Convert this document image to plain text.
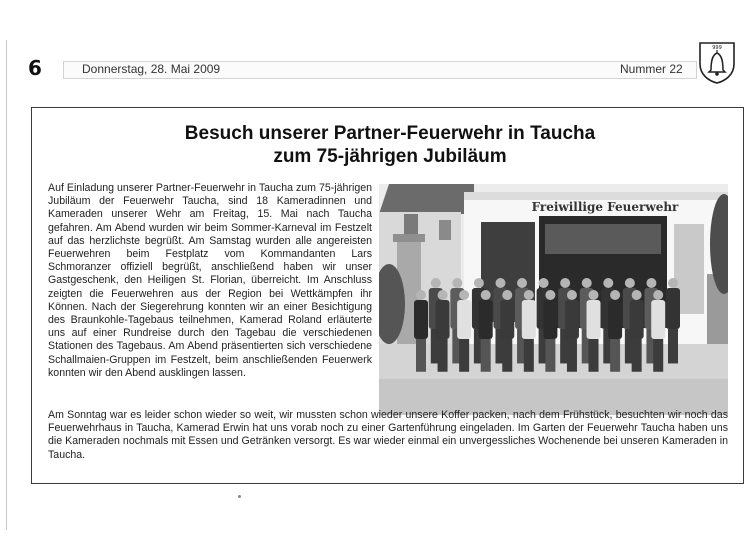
6	Donnerstag, 28. Mai 2009	Nummer 22
999
Besuch unserer Partner-Feuerwehr in Taucha
zum 75-jährigen Jubiläum
Auf Einladung unserer Partner-Feuerwehr in Taucha zum 75-jährigen Jubiläum der Feuerwehr Taucha, sind 18 Kameradinnen und Kameraden unserer Wehr am Freitag, 15. Mai nach Taucha gefahren. Am Abend wurden wir beim Sommer-Karneval im Festzelt auf das herzlichste begrüßt. Am Samstag wurden alle angereisten Feuerwehren beim Festplatz vom Kommandanten Lars Schmoranzer offiziell begrüßt, anschließend haben wir unser Gastgeschenk, den Heiligen St. Florian, überreicht. Im Anschluss zeigten die Feuerwehren aus der Region bei Wettkämpfen ihr Können. Nach der Siegerehrung konnten wir an einer Besichtigung des Braunkohle-Tagebaus teilnehmen, Kamerad Roland erläuterte uns auf einer Rundreise durch den Tagebau die verschiedenen Stationen des Tagebaus. Am Abend präsentierten sich verschiedene Schallmaien-Gruppen im Festzelt, beim anschließenden Feuerwerk konnten wir den Abend ausklingen lassen.
Freiwillige Feuerwehr
Am Sonntag war es leider schon wieder so weit, wir mussten schon wieder unsere Koffer packen, nach dem Frühstück, besuchten wir noch das Feuerwehrhaus in Taucha, Kamerad Erwin hat uns vorab noch zu einer Gartenführung eingeladen. Im Garten der Feuerwehr Taucha haben uns die Kameraden nochmals mit Essen und Getränken versorgt. Es war wieder einmal ein unvergessliches Wochenende bei unseren Kameraden in Taucha.
